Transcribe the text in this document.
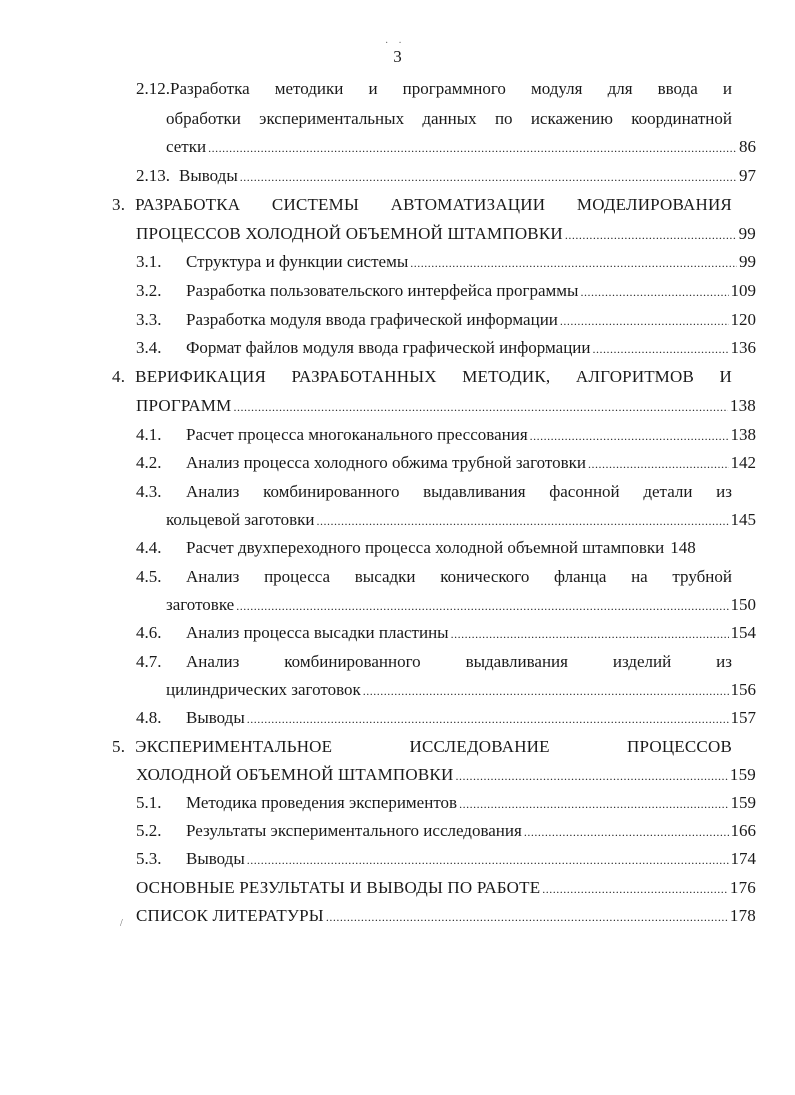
3
2.12. Разработка методики и программного модуля для ввода и
обработки экспериментальных данных по искажению координатной
сетки .....	86
2.13. Выводы .....	97
3. РАЗРАБОТКА СИСТЕМЫ АВТОМАТИЗАЦИИ МОДЕЛИРОВАНИЯ
ПРОЦЕССОВ ХОЛОДНОЙ ОБЪЕМНОЙ ШТАМПОВКИ .....	99
3.1.	Структура и функции системы .....	99
3.2.	Разработка пользовательского интерфейса программы .....	109
3.3.	Разработка модуля ввода графической информации .....	120
3.4.	Формат файлов модуля ввода графической информации .....	136
4. ВЕРИФИКАЦИЯ РАЗРАБОТАННЫХ МЕТОДИК, АЛГОРИТМОВ И
ПРОГРАММ .....	138
4.1.	Расчет процесса многоканального прессования .....	138
4.2.	Анализ процесса холодного обжима трубной заготовки .....	142
4.3.	Анализ комбинированного выдавливания фасонной детали из
кольцевой заготовки .....	145
4.4.	Расчет двухпереходного процесса холодной объемной штамповки 148
4.5.	Анализ процесса высадки конического фланца на трубной
заготовке .....	150
4.6.	Анализ процесса высадки пластины .....	154
4.7.	Анализ	комбинированного	выдавливания	изделий	из
цилиндрических заготовок .....	156
4.8.	Выводы .....	157
5. ЭКСПЕРИМЕНТАЛЬНОЕ	ИССЛЕДОВАНИЕ	ПРОЦЕССОВ
ХОЛОДНОЙ ОБЪЕМНОЙ ШТАМПОВКИ .....	159
5.1.	Методика проведения экспериментов .....	159
5.2.	Результаты экспериментального исследования .....	166
5.3.	Выводы .....	174
ОСНОВНЫЕ РЕЗУЛЬТАТЫ И ВЫВОДЫ ПО РАБОТЕ .....	176
СПИСОК ЛИТЕРАТУРЫ .....	178
·    ·
/
